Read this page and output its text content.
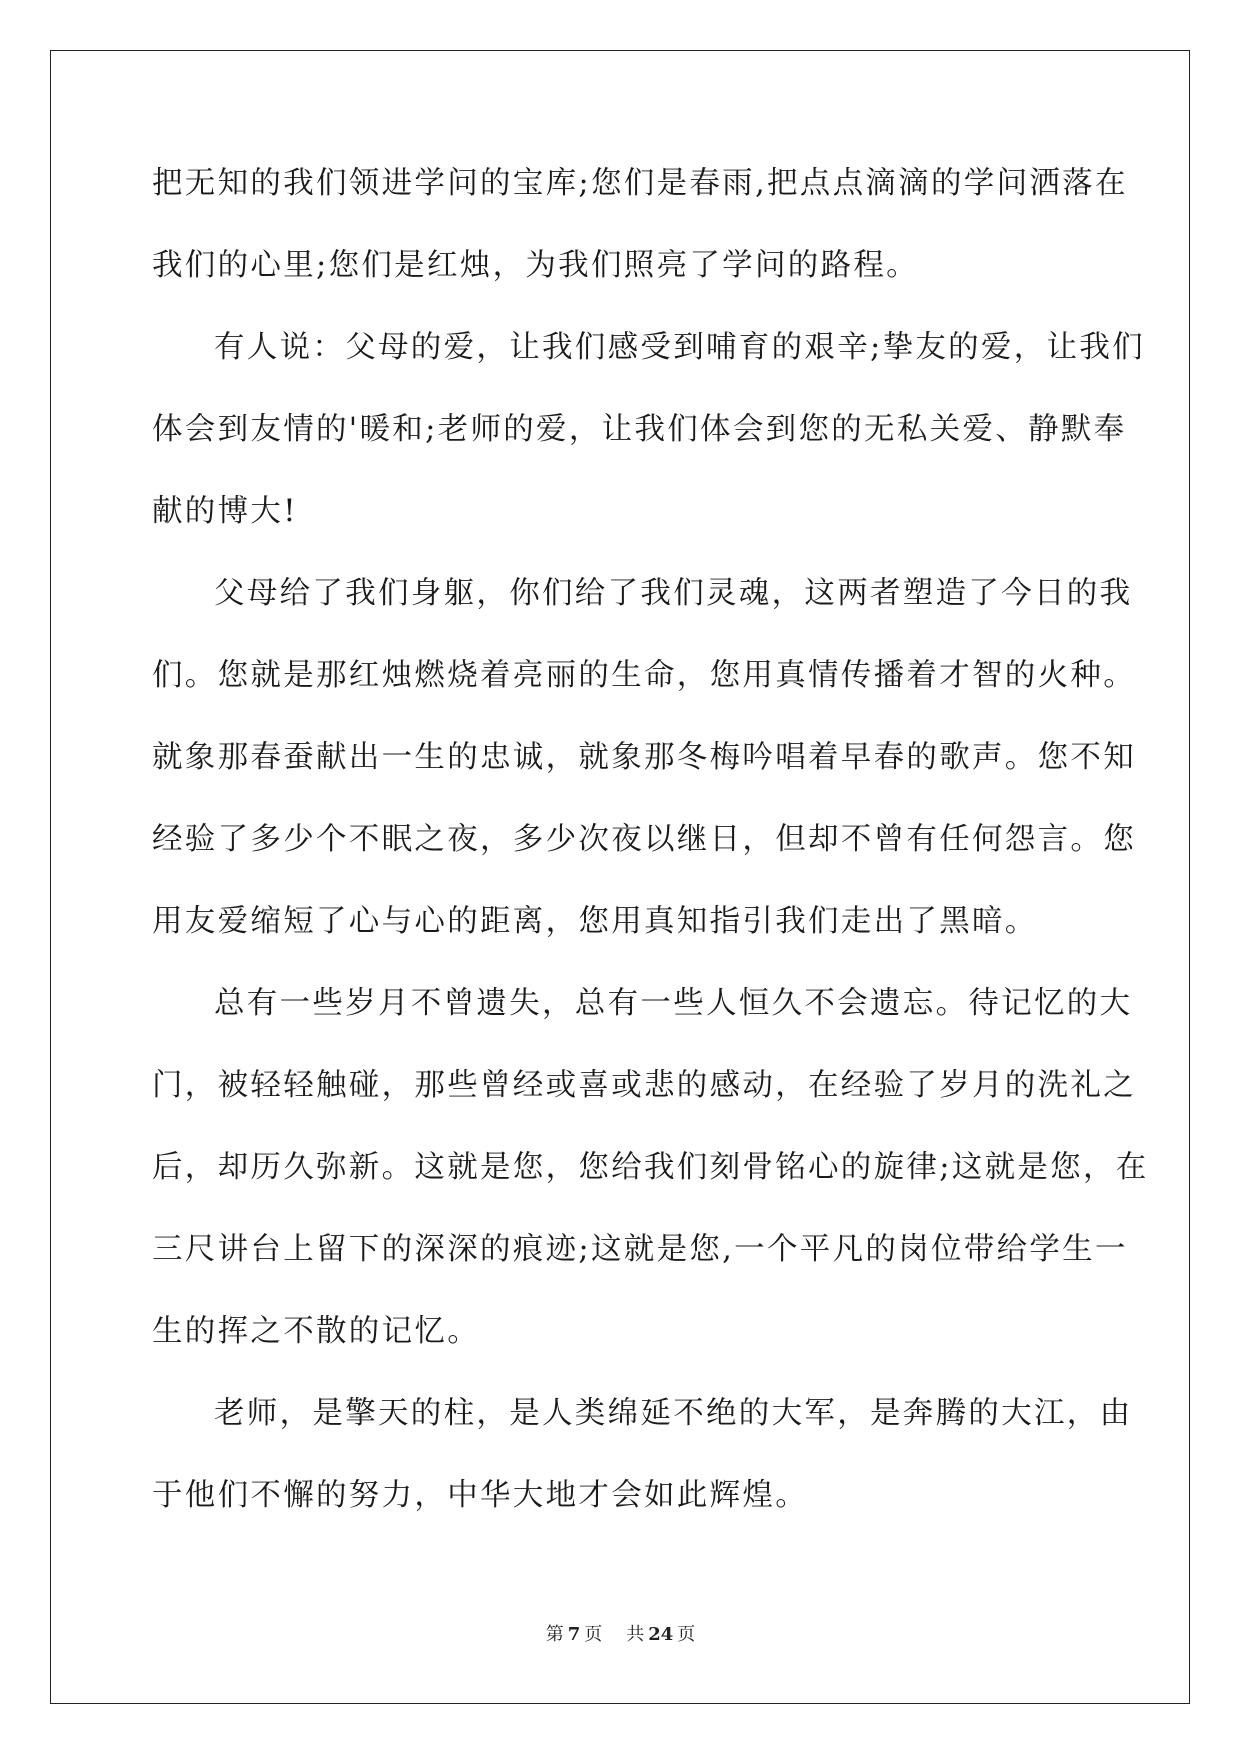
把无知的我们领进学问的宝库;您们是春雨,把点点滴滴的学问洒落在
我们的心里;您们是红烛，为我们照亮了学问的路程。
有人说：父母的爱，让我们感受到哺育的艰辛;挚友的爱，让我们
体会到友情的'暖和;老师的爱，让我们体会到您的无私关爱、静默奉
献的博大!
父母给了我们身躯，你们给了我们灵魂，这两者塑造了今日的我
们。您就是那红烛燃烧着亮丽的生命，您用真情传播着才智的火种。
就象那春蚕献出一生的忠诚，就象那冬梅吟唱着早春的歌声。您不知
经验了多少个不眠之夜，多少次夜以继日，但却不曾有任何怨言。您
用友爱缩短了心与心的距离，您用真知指引我们走出了黑暗。
总有一些岁月不曾遗失，总有一些人恒久不会遗忘。待记忆的大
门，被轻轻触碰，那些曾经或喜或悲的感动，在经验了岁月的洗礼之
后，却历久弥新。这就是您，您给我们刻骨铭心的旋律;这就是您，在
三尺讲台上留下的深深的痕迹;这就是您,一个平凡的岗位带给学生一
生的挥之不散的记忆。
老师，是擎天的柱，是人类绵延不绝的大军，是奔腾的大江，由
于他们不懈的努力，中华大地才会如此辉煌。
第 7 页 共 24 页
